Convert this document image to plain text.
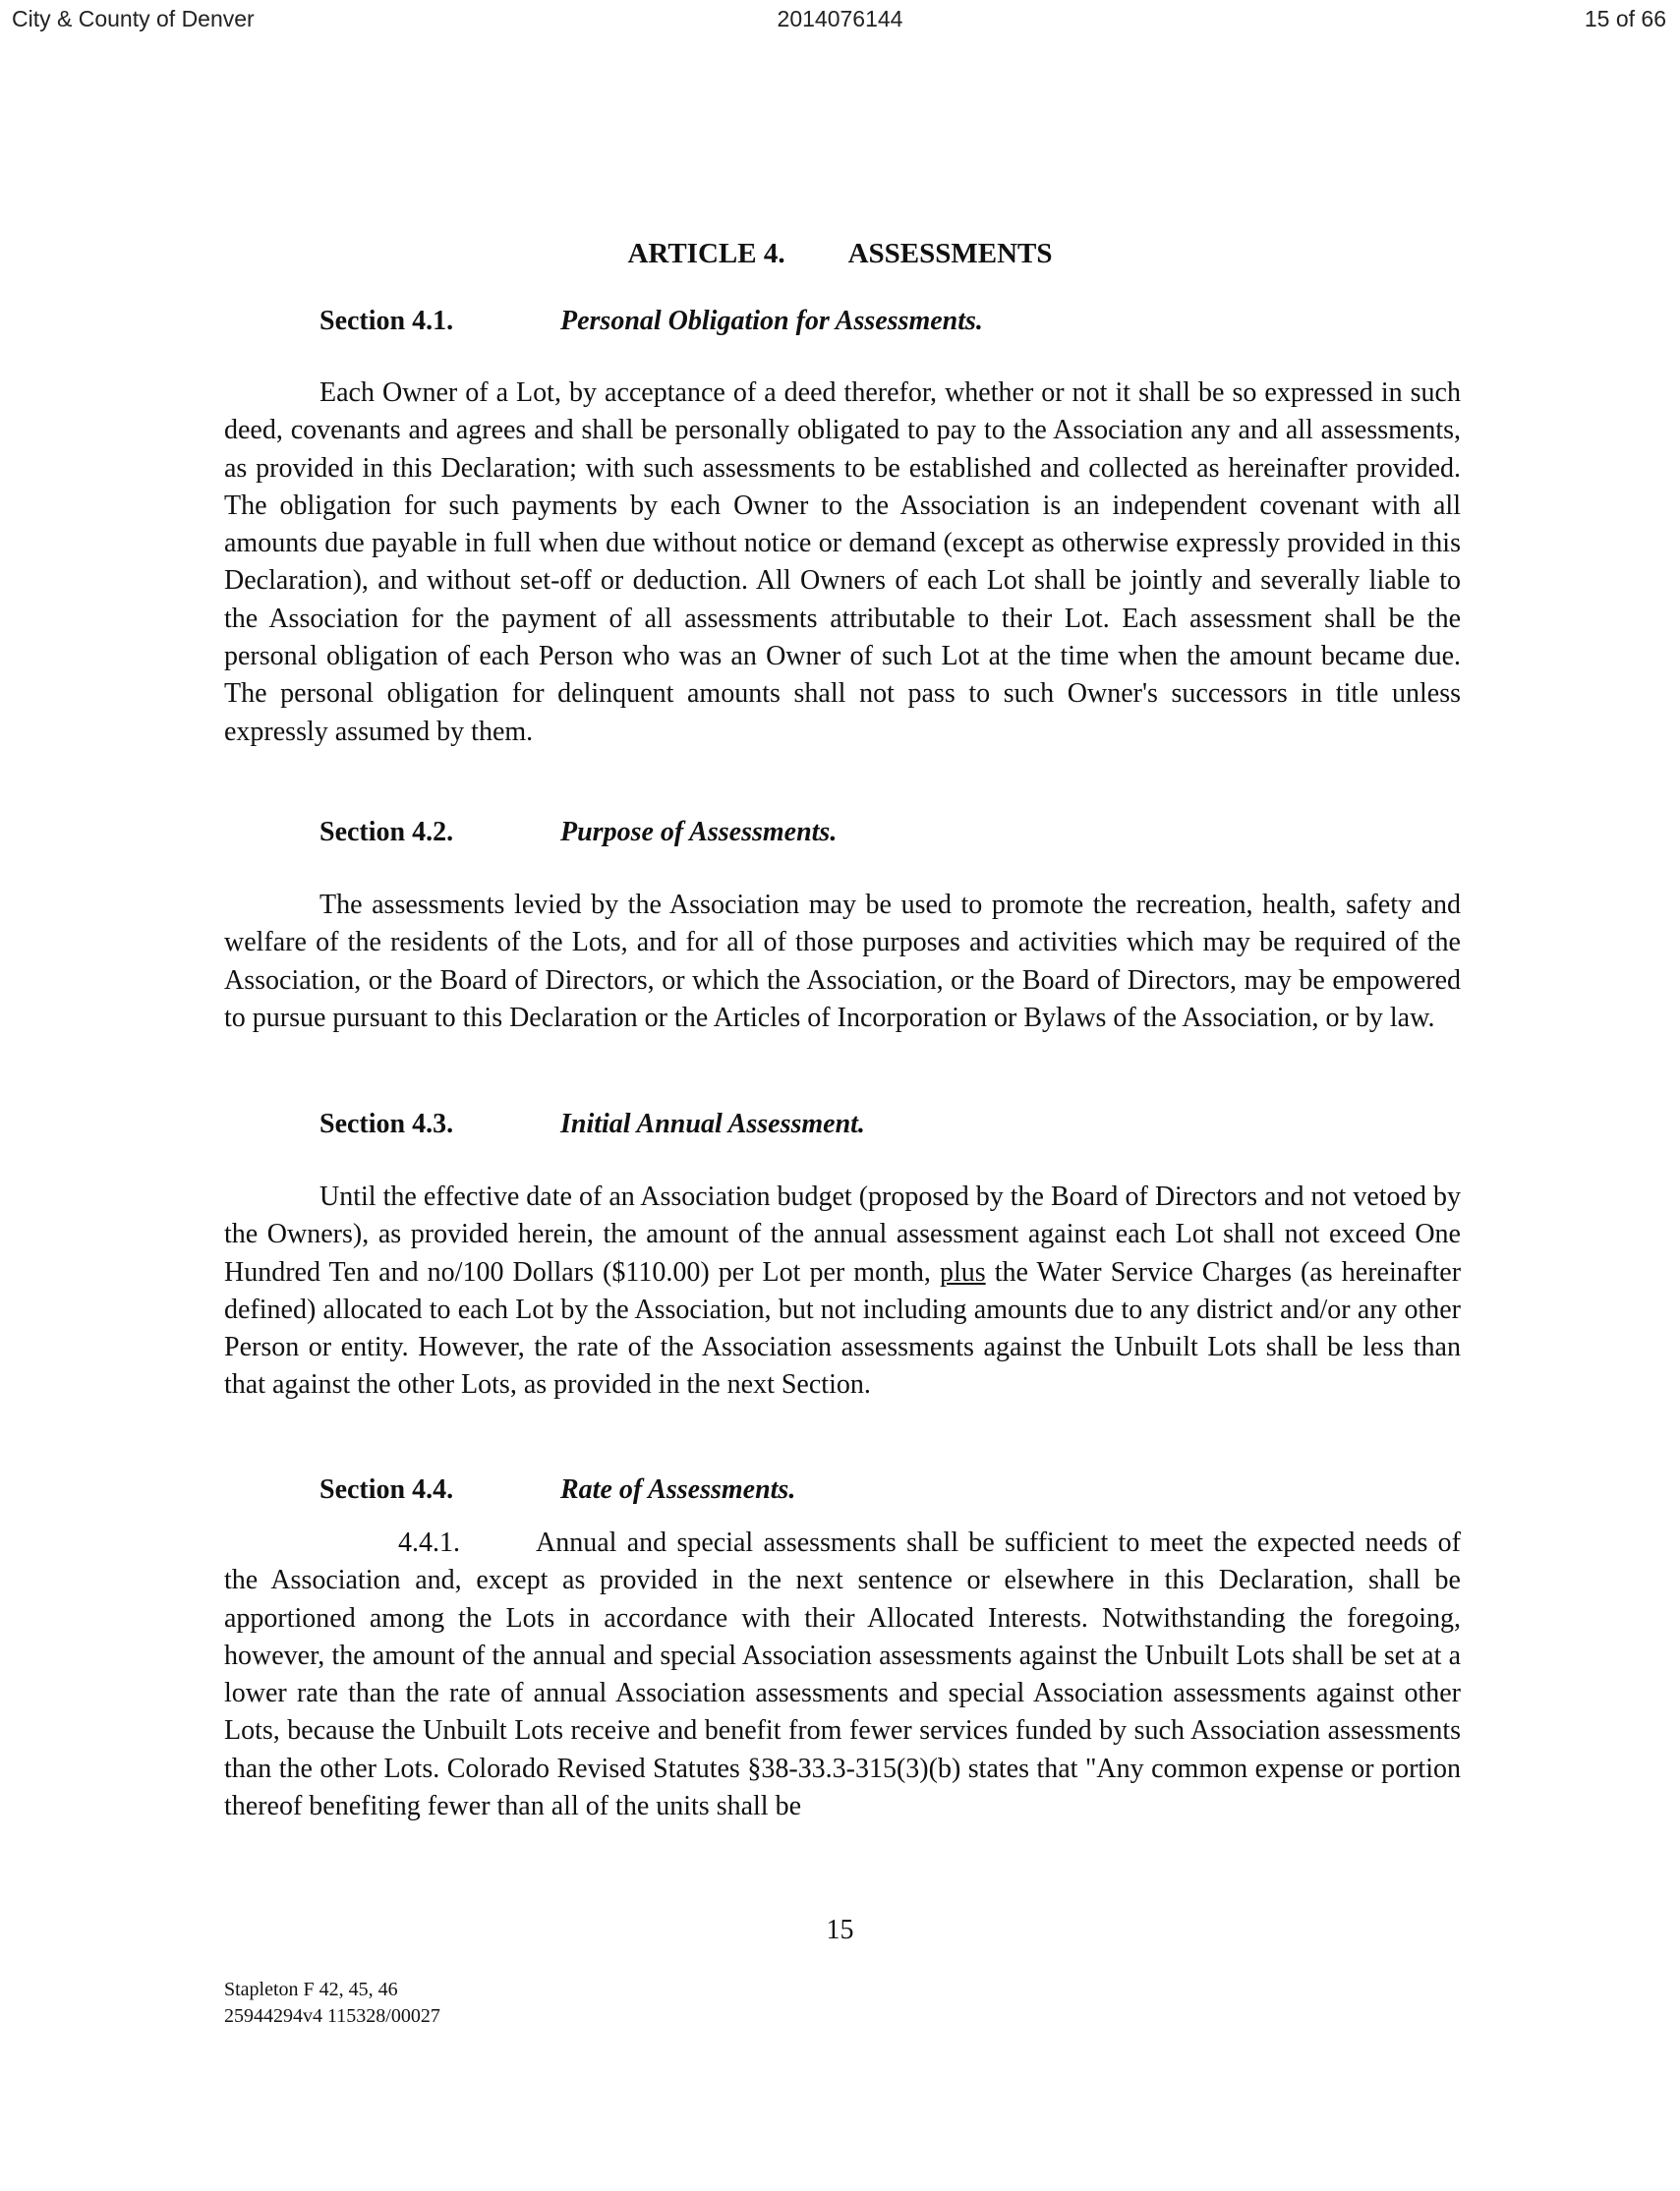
City & County of Denver	2014076144	15 of 66
ARTICLE 4. ASSESSMENTS
Section 4.1.	Personal Obligation for Assessments.

Each Owner of a Lot, by acceptance of a deed therefor, whether or not it shall be so expressed in such deed, covenants and agrees and shall be personally obligated to pay to the Association any and all assessments, as provided in this Declaration; with such assessments to be established and collected as hereinafter provided. The obligation for such payments by each Owner to the Association is an independent covenant with all amounts due payable in full when due without notice or demand (except as otherwise expressly provided in this Declaration), and without set-off or deduction. All Owners of each Lot shall be jointly and severally liable to the Association for the payment of all assessments attributable to their Lot. Each assessment shall be the personal obligation of each Person who was an Owner of such Lot at the time when the amount became due. The personal obligation for delinquent amounts shall not pass to such Owner's successors in title unless expressly assumed by them.

Section 4.2.	Purpose of Assessments.

The assessments levied by the Association may be used to promote the recreation, health, safety and welfare of the residents of the Lots, and for all of those purposes and activities which may be required of the Association, or the Board of Directors, or which the Association, or the Board of Directors, may be empowered to pursue pursuant to this Declaration or the Articles of Incorporation or Bylaws of the Association, or by law.

Section 4.3.	Initial Annual Assessment.

Until the effective date of an Association budget (proposed by the Board of Directors and not vetoed by the Owners), as provided herein, the amount of the annual assessment against each Lot shall not exceed One Hundred Ten and no/100 Dollars ($110.00) per Lot per month, plus the Water Service Charges (as hereinafter defined) allocated to each Lot by the Association, but not including amounts due to any district and/or any other Person or entity. However, the rate of the Association assessments against the Unbuilt Lots shall be less than that against the other Lots, as provided in the next Section.

Section 4.4.	Rate of Assessments.

4.4.1.	Annual and special assessments shall be sufficient to meet the expected needs of the Association and, except as provided in the next sentence or elsewhere in this Declaration, shall be apportioned among the Lots in accordance with their Allocated Interests. Notwithstanding the foregoing, however, the amount of the annual and special Association assessments against the Unbuilt Lots shall be set at a lower rate than the rate of annual Association assessments and special Association assessments against other Lots, because the Unbuilt Lots receive and benefit from fewer services funded by such Association assessments than the other Lots. Colorado Revised Statutes §38-33.3-315(3)(b) states that "Any common expense or portion thereof benefiting fewer than all of the units shall be

15
Stapleton F 42, 45, 46
25944294v4 115328/00027
